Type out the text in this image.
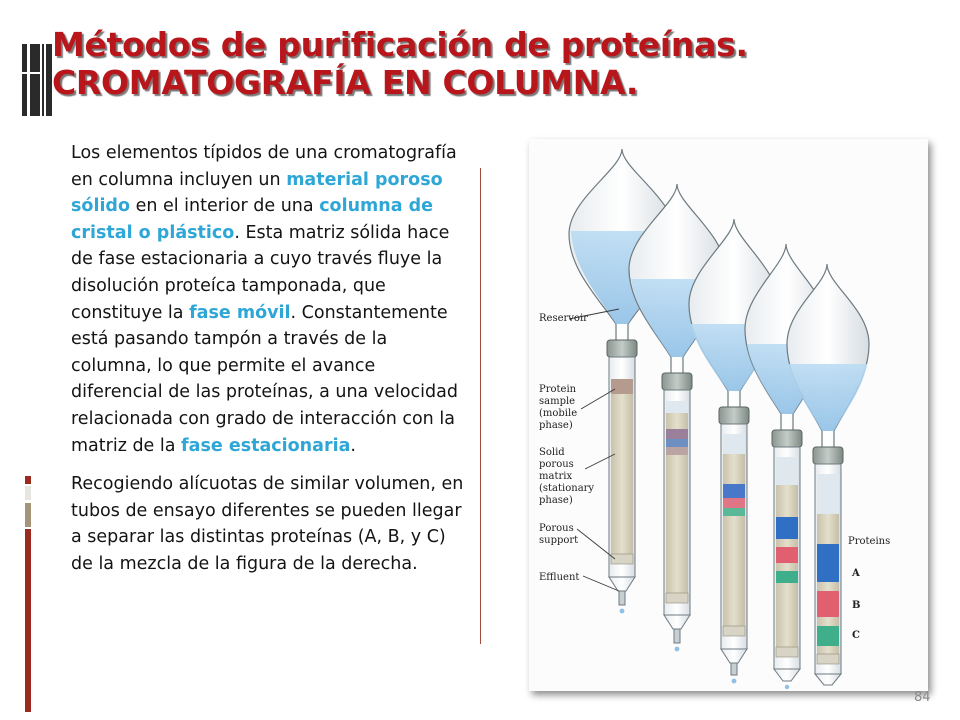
Métodos de purificación de proteínas.
CROMATOGRAFÍA EN COLUMNA.

Los elementos típidos de una cromatografía en columna incluyen un material poroso sólido en el interior de una columna de cristal o plástico. Esta matriz sólida hace de fase estacionaria a cuyo través fluye la disolución proteíca tamponada, que constituye la fase móvil. Constantemente está pasando tampón a través de la columna, lo que permite el avance diferencial de las proteínas, a una velocidad relacionada con grado de interacción con la matriz de la fase estacionaria.

Recogiendo alícuotas de similar volumen, en tubos de ensayo diferentes se pueden llegar a separar las distintas proteínas (A, B, y C) de la mezcla de la figura de la derecha.

Reservoir
Protein
sample
(mobile
phase)
Solid
porous
matrix
(stationary
phase)
Porous
support
Effluent
Proteins
A
B
C
84
